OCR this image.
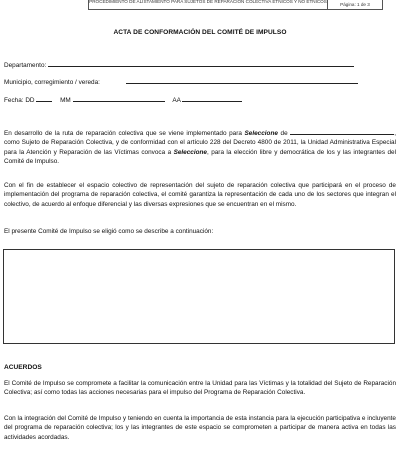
PROCEDIMIENTO DE ALISTAMIENTO PARA SUJETOS DE REPARACIÓN COLECTIVA ÉTNICOS Y NO ÉTNICOS
Página: 1 de 3
ACTA DE CONFORMACIÓN DEL COMITÉ DE IMPULSO
Departamento:
Municipio, corregimiento / vereda:
Fecha: DD	MM	AA
En desarrollo de la ruta de reparación colectiva que se viene implementado para Seleccione de	, como Sujeto de Reparación Colectiva, y de conformidad con el artículo 228 del Decreto 4800 de 2011, la Unidad Administrativa Especial para la Atención y Reparación de las Víctimas convoca a Seleccione, para la elección libre y democrática de los y las integrantes del Comité de Impulso.
Con el fin de establecer el espacio colectivo de representación del sujeto de reparación colectiva que participará en el proceso de implementación del programa de reparación colectiva, el comité garantiza la representación de cada uno de los sectores que integran el colectivo, de acuerdo al enfoque diferencial y las diversas expresiones que se encuentran en el mismo.
El presente Comité de Impulso se eligió como se describe a continuación:
ACUERDOS
El Comité de Impulso se compromete a facilitar la comunicación entre la Unidad para las Víctimas y la totalidad del Sujeto de Reparación Colectiva; así como todas las acciones necesarias para el impulso del Programa de Reparación Colectiva.
Con la integración del Comité de Impulso y teniendo en cuenta la importancia de esta instancia para la ejecución participativa e incluyente del programa de reparación colectiva; los y las integrantes de este espacio se comprometen a participar de manera activa en todas las actividades acordadas.
